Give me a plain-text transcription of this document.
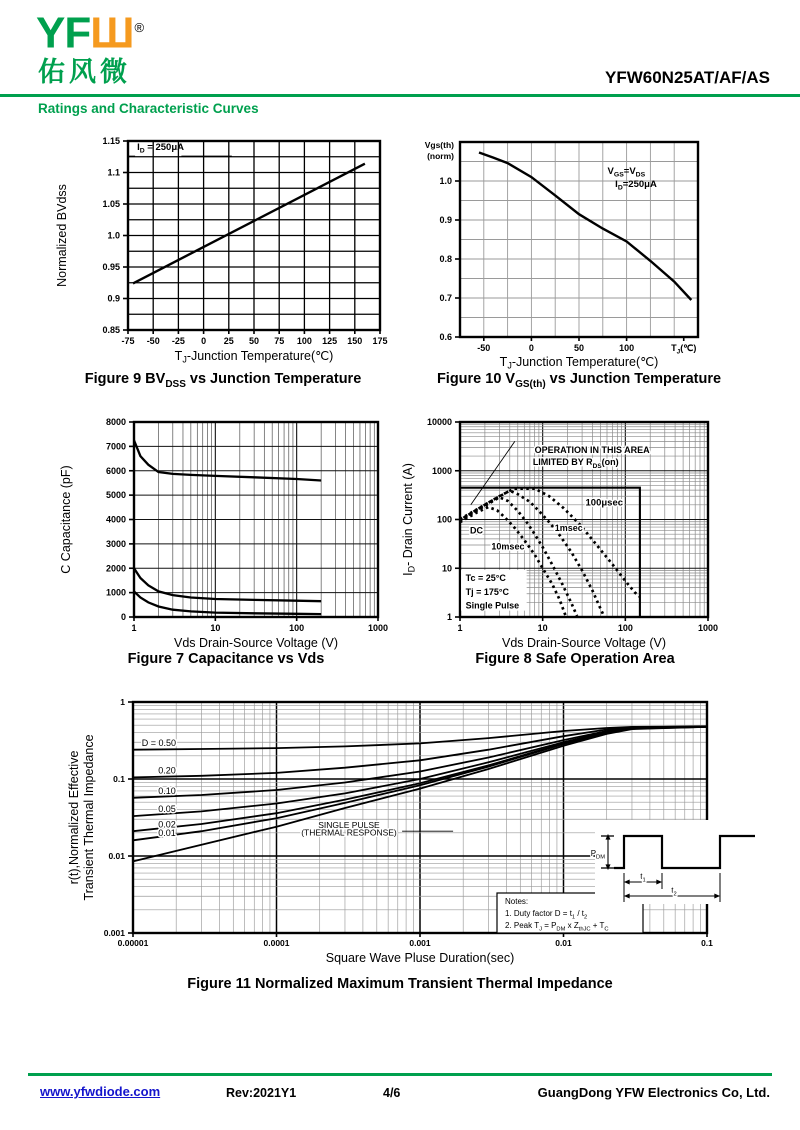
YFШ®
佑风微	YFW60N25AT/AF/AS
Ratings and Characteristic Curves
$I_D = 250\mu A$
-75 -50 -25 0 25 50 75 100 125 150 175
1.15
1.1
1.05
1.0
0.95
0.9
0.85
$T_J$-Junction Temperature(℃)
Normalized BVdss
$V_{GS}=V_{DS}$
$I_D=250\mu A$
-50	0	50	100	$T_J(℃)$
1.0
0.9
0.8
0.7
0.6
$T_J$-Junction Temperature(℃)
Vgs(th)
(norm)
Figure 9 $BV_{DSS}$ vs Junction Temperature	Figure 10 $V_{GS(th)}$ vs Junction Temperature
1	10	100	1000
8000
7000
6000
5000
4000
3000
2000
1000
0
Vds Drain-Source Voltage (V)
C Capacitance (pF)
OPERATION IN THIS AREA
LIMITED BY $R_{DS}(on)$
DC
10msec
1msec
100μsec
Tc = 25°C
Tj = 175°C
Single Pulse
1	10	100	1000
10000
1000
100
10
1
Vds Drain-Source Voltage (V)
$I_D-$ Drain Current (A)
Figure 7 Capacitance vs Vds	Figure 8 Safe Operation Area
$P_{DM}$
$t_1$
$t_2$
D = 0.50
0.20
0.10
0.05
0.02
0.01
SINGLE PULSE
(THERMAL RESPONSE)
Notes:
1. Duty factor $D = t_1 / t_2$
2. Peak $T_J = P_{DM}$ x $Z_{thJC} + T_C$
0.00001	0.0001	0.001	0.01	0.1
1
0.1
0.01
0.001
Square Wave Pluse Duration(sec)
r(t),Normalized Effective Transient Thermal Impedance
Figure 11 Normalized Maximum Transient Thermal Impedance
www.yfwdiode.com	Rev:2021Y1	4/6	GuangDong YFW Electronics Co, Ltd.
